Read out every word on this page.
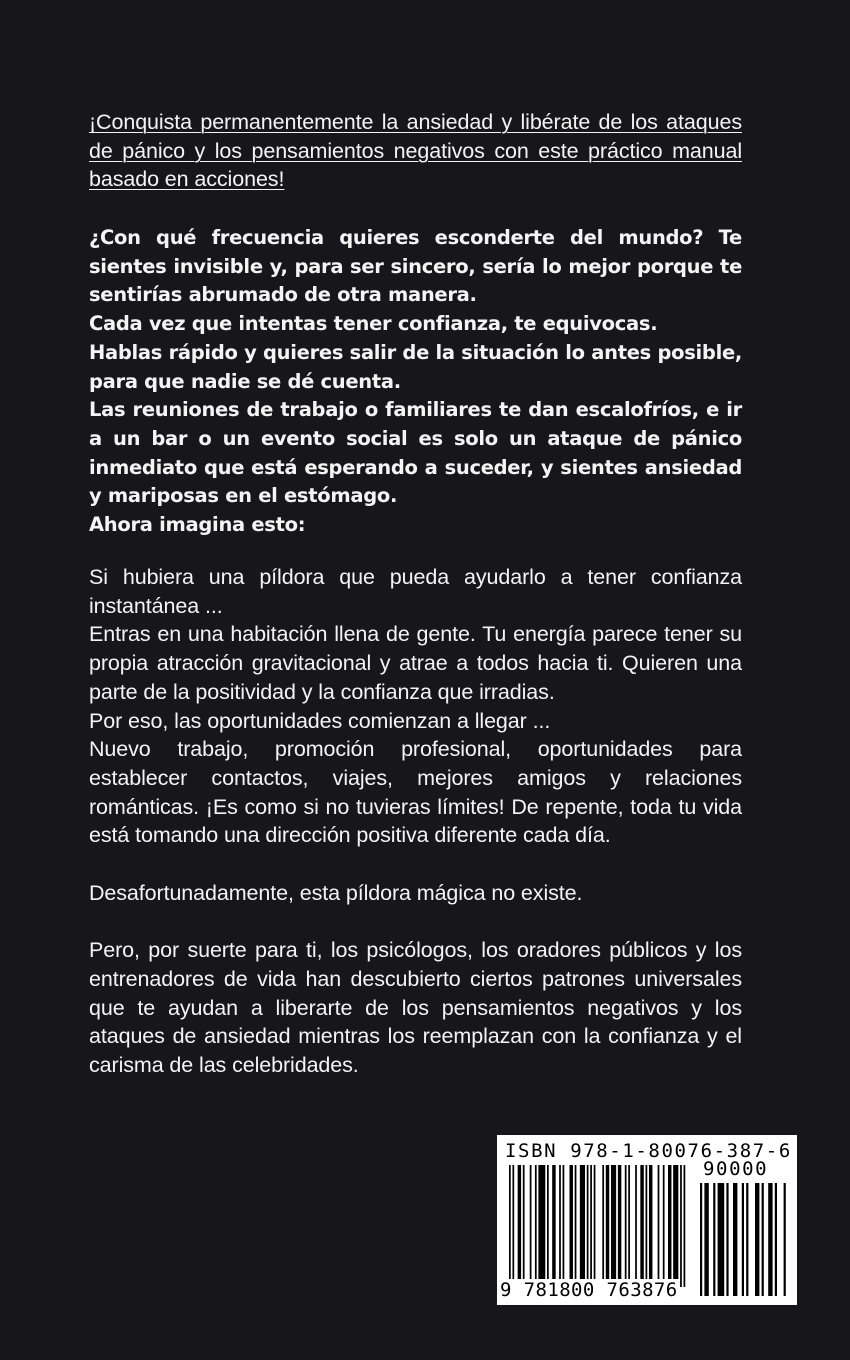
¡Conquista permanentemente la ansiedad y libérate de los ataques de pánico y los pensamientos negativos con este práctico manual basado en acciones!

¿Con qué frecuencia quieres esconderte del mundo? Te sientes invisible y, para ser sincero, sería lo mejor porque te sentirías abrumado de otra manera.

Cada vez que intentas tener confianza, te equivocas.

Hablas rápido y quieres salir de la situación lo antes posible, para que nadie se dé cuenta.

Las reuniones de trabajo o familiares te dan escalofríos, e ir a un bar o un evento social es solo un ataque de pánico inmediato que está esperando a suceder, y sientes ansiedad y mariposas en el estómago.

Ahora imagina esto:

Si hubiera una píldora que pueda ayudarlo a tener confianza instantánea ...

Entras en una habitación llena de gente. Tu energía parece tener su propia atracción gravitacional y atrae a todos hacia ti. Quieren una parte de la positividad y la confianza que irradias.

Por eso, las oportunidades comienzan a llegar ...

Nuevo trabajo, promoción profesional, oportunidades para establecer contactos, viajes, mejores amigos y relaciones románticas. ¡Es como si no tuvieras límites! De repente, toda tu vida está tomando una dirección positiva diferente cada día.

Desafortunadamente, esta píldora mágica no existe.

Pero, por suerte para ti, los psicólogos, los oradores públicos y los entrenadores de vida han descubierto ciertos patrones universales que te ayudan a liberarte de los pensamientos negativos y los ataques de ansiedad mientras los reemplazan con la confianza y el carisma de las celebridades.

ISBN 978-1-80076-387-6
90000
9 781800 763876
